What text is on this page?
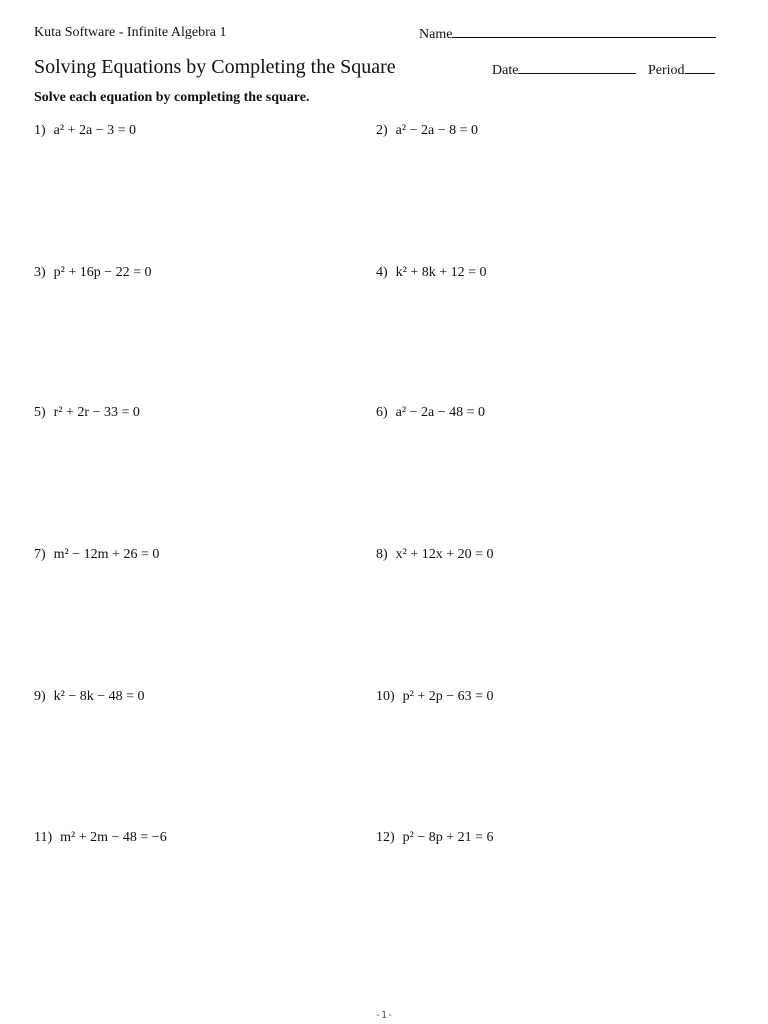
Kuta Software - Infinite Algebra 1	Name
Solving Equations by Completing the Square	Date	Period
Solve each equation by completing the square.
1) a² + 2a − 3 = 0	2) a² − 2a − 8 = 0
3) p² + 16p − 22 = 0	4) k² + 8k + 12 = 0
5) r² + 2r − 33 = 0	6) a² − 2a − 48 = 0
7) m² − 12m + 26 = 0	8) x² + 12x + 20 = 0
9) k² − 8k − 48 = 0	10) p² + 2p − 63 = 0
11) m² + 2m − 48 = −6	12) p² − 8p + 21 = 6
-1-
